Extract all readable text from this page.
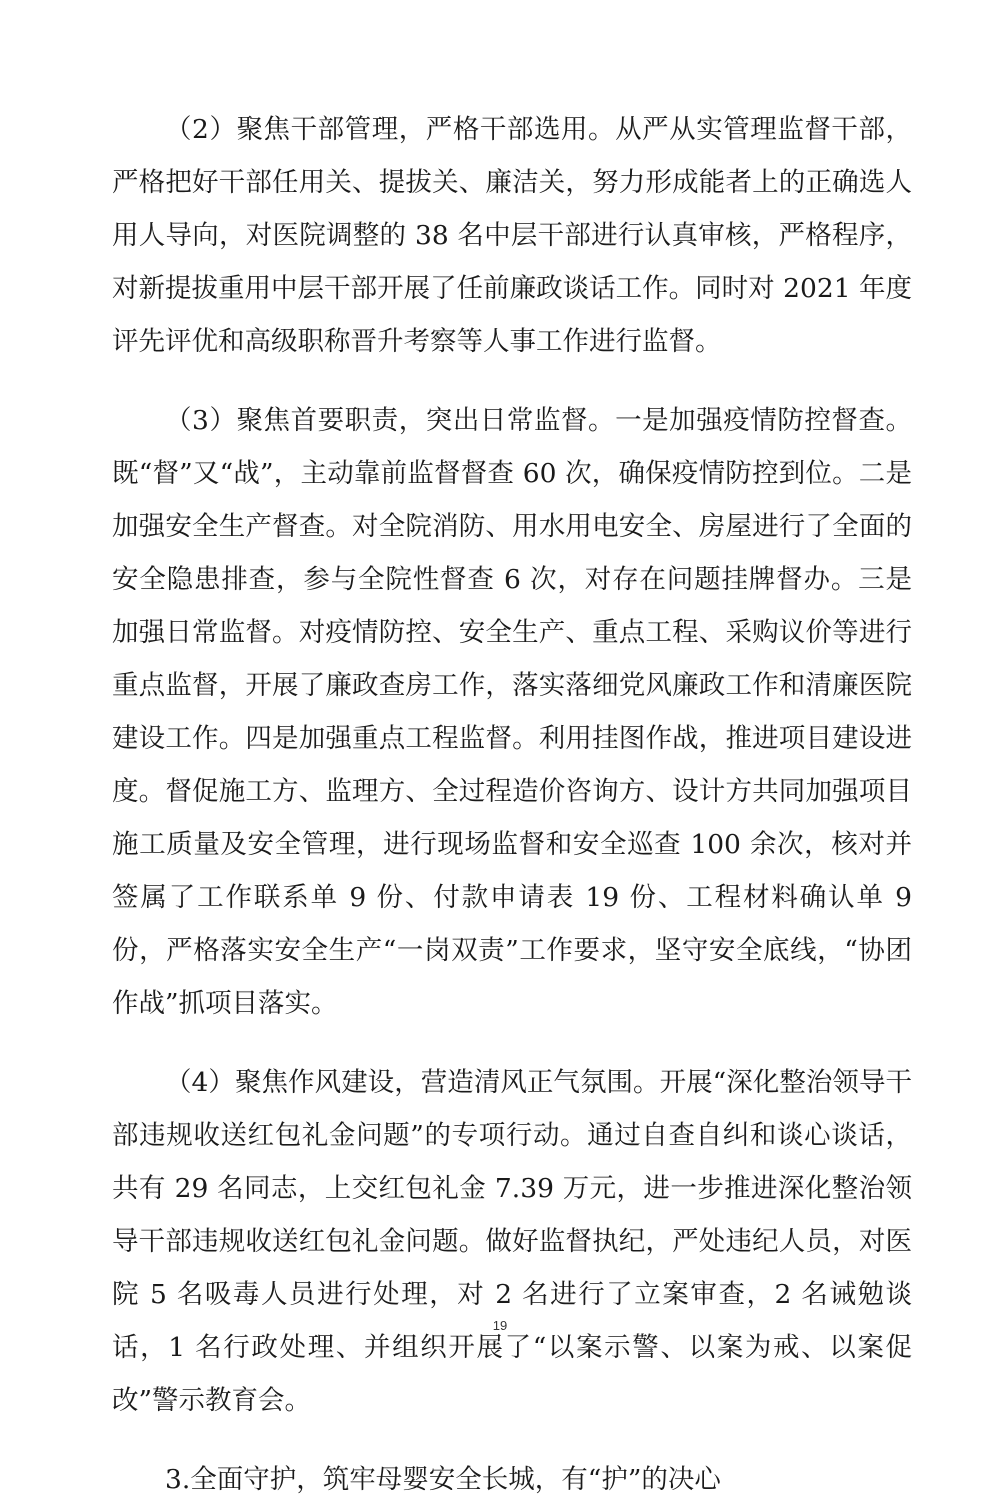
（2）聚焦干部管理，严格干部选用。从严从实管理监督干部，严格把好干部任用关、提拔关、廉洁关，努力形成能者上的正确选人用人导向，对医院调整的 38 名中层干部进行认真审核，严格程序，对新提拔重用中层干部开展了任前廉政谈话工作。同时对 2021 年度评先评优和高级职称晋升考察等人事工作进行监督。

（3）聚焦首要职责，突出日常监督。一是加强疫情防控督查。既“督”又“战”，主动靠前监督督查 60 次，确保疫情防控到位。二是加强安全生产督查。对全院消防、用水用电安全、房屋进行了全面的安全隐患排查，参与全院性督查 6 次，对存在问题挂牌督办。三是加强日常监督。对疫情防控、安全生产、重点工程、采购议价等进行重点监督，开展了廉政查房工作，落实落细党风廉政工作和清廉医院建设工作。四是加强重点工程监督。利用挂图作战，推进项目建设进度。督促施工方、监理方、全过程造价咨询方、设计方共同加强项目施工质量及安全管理，进行现场监督和安全巡查 100 余次，核对并签属了工作联系单 9 份、付款申请表 19 份、工程材料确认单 9 份，严格落实安全生产“一岗双责”工作要求，坚守安全底线，“协团作战”抓项目落实。

（4）聚焦作风建设，营造清风正气氛围。开展“深化整治领导干部违规收送红包礼金问题”的专项行动。通过自查自纠和谈心谈话，共有 29 名同志，上交红包礼金 7.39 万元，进一步推进深化整治领导干部违规收送红包礼金问题。做好监督执纪，严处违纪人员，对医院 5 名吸毒人员进行处理，对 2 名进行了立案审查，2 名诫勉谈话，1 名行政处理、并组织开展了“以案示警、以案为戒、以案促改”警示教育会。

3.全面守护，筑牢母婴安全长城，有“护”的决心

19
